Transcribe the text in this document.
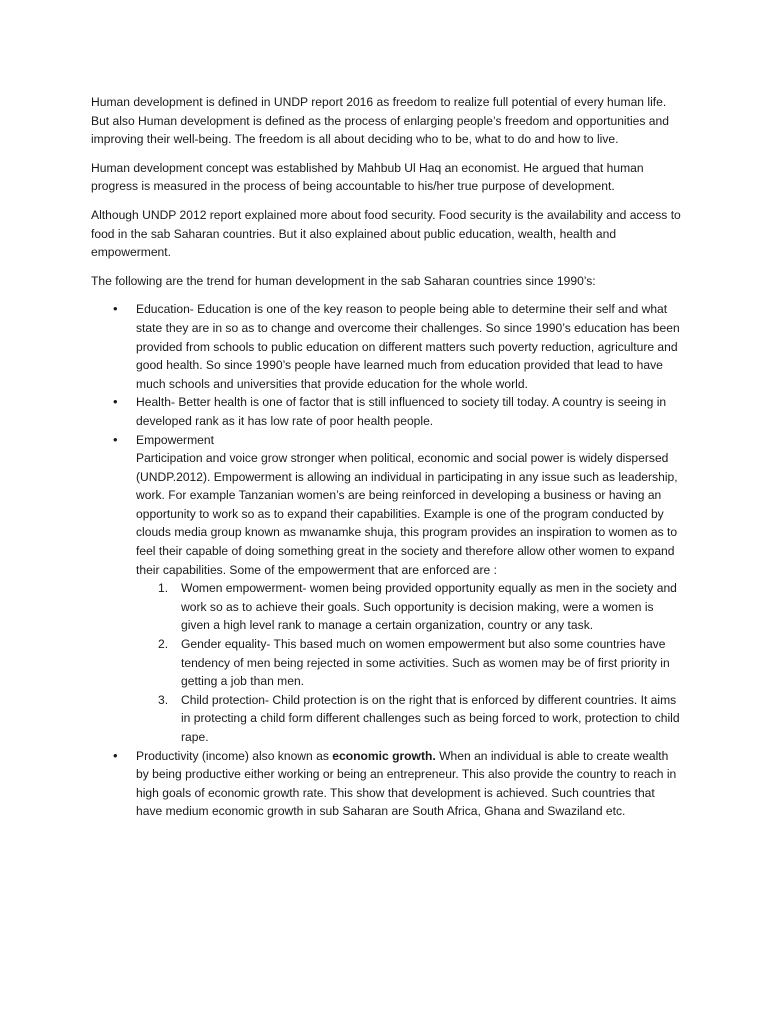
Human development is defined in UNDP report 2016 as freedom to realize full potential of every human life. But also Human development is defined as the process of enlarging people’s freedom and opportunities and improving their well-being. The freedom is all about deciding who to be, what to do and how to live.

Human development concept was established by Mahbub Ul Haq an economist. He argued that human progress is measured in the process of being accountable to his/her true purpose of development.

Although UNDP 2012 report explained more about food security. Food security is the availability and access to food in the sab Saharan countries. But it also explained about public education, wealth, health and empowerment.

The following are the trend for human development in the sab Saharan countries since 1990’s:

• Education- Education is one of the key reason to people being able to determine their self and what state they are in so as to change and overcome their challenges. So since 1990’s education has been provided from schools to public education on different matters such poverty reduction, agriculture and good health. So since 1990’s people have learned much from education provided that lead to have much schools and universities that provide education for the whole world.
• Health- Better health is one of factor that is still influenced to society till today. A country is seeing in developed rank as it has low rate of poor health people.
• Empowerment
Participation and voice grow stronger when political, economic and social power is widely dispersed (UNDP.2012). Empowerment is allowing an individual in participating in any issue such as leadership, work. For example Tanzanian women’s are being reinforced in developing a business or having an opportunity to work so as to expand their capabilities. Example is one of the program conducted by clouds media group known as mwanamke shuja, this program provides an inspiration to women as to feel their capable of doing something great in the society and therefore allow other women to expand their capabilities. Some of the empowerment that are enforced are :
1. Women empowerment- women being provided opportunity equally as men in the society and work so as to achieve their goals. Such opportunity is decision making, were a women is given a high level rank to manage a certain organization, country or any task.
2. Gender equality- This based much on women empowerment but also some countries have tendency of men being rejected in some activities. Such as women may be of first priority in getting a job than men.
3. Child protection- Child protection is on the right that is enforced by different countries. It aims in protecting a child form different challenges such as being forced to work, protection to child rape.
• Productivity (income) also known as economic growth. When an individual is able to create wealth by being productive either working or being an entrepreneur. This also provide the country to reach in high goals of economic growth rate. This show that development is achieved. Such countries that have medium economic growth in sub Saharan are South Africa, Ghana and Swaziland etc.
